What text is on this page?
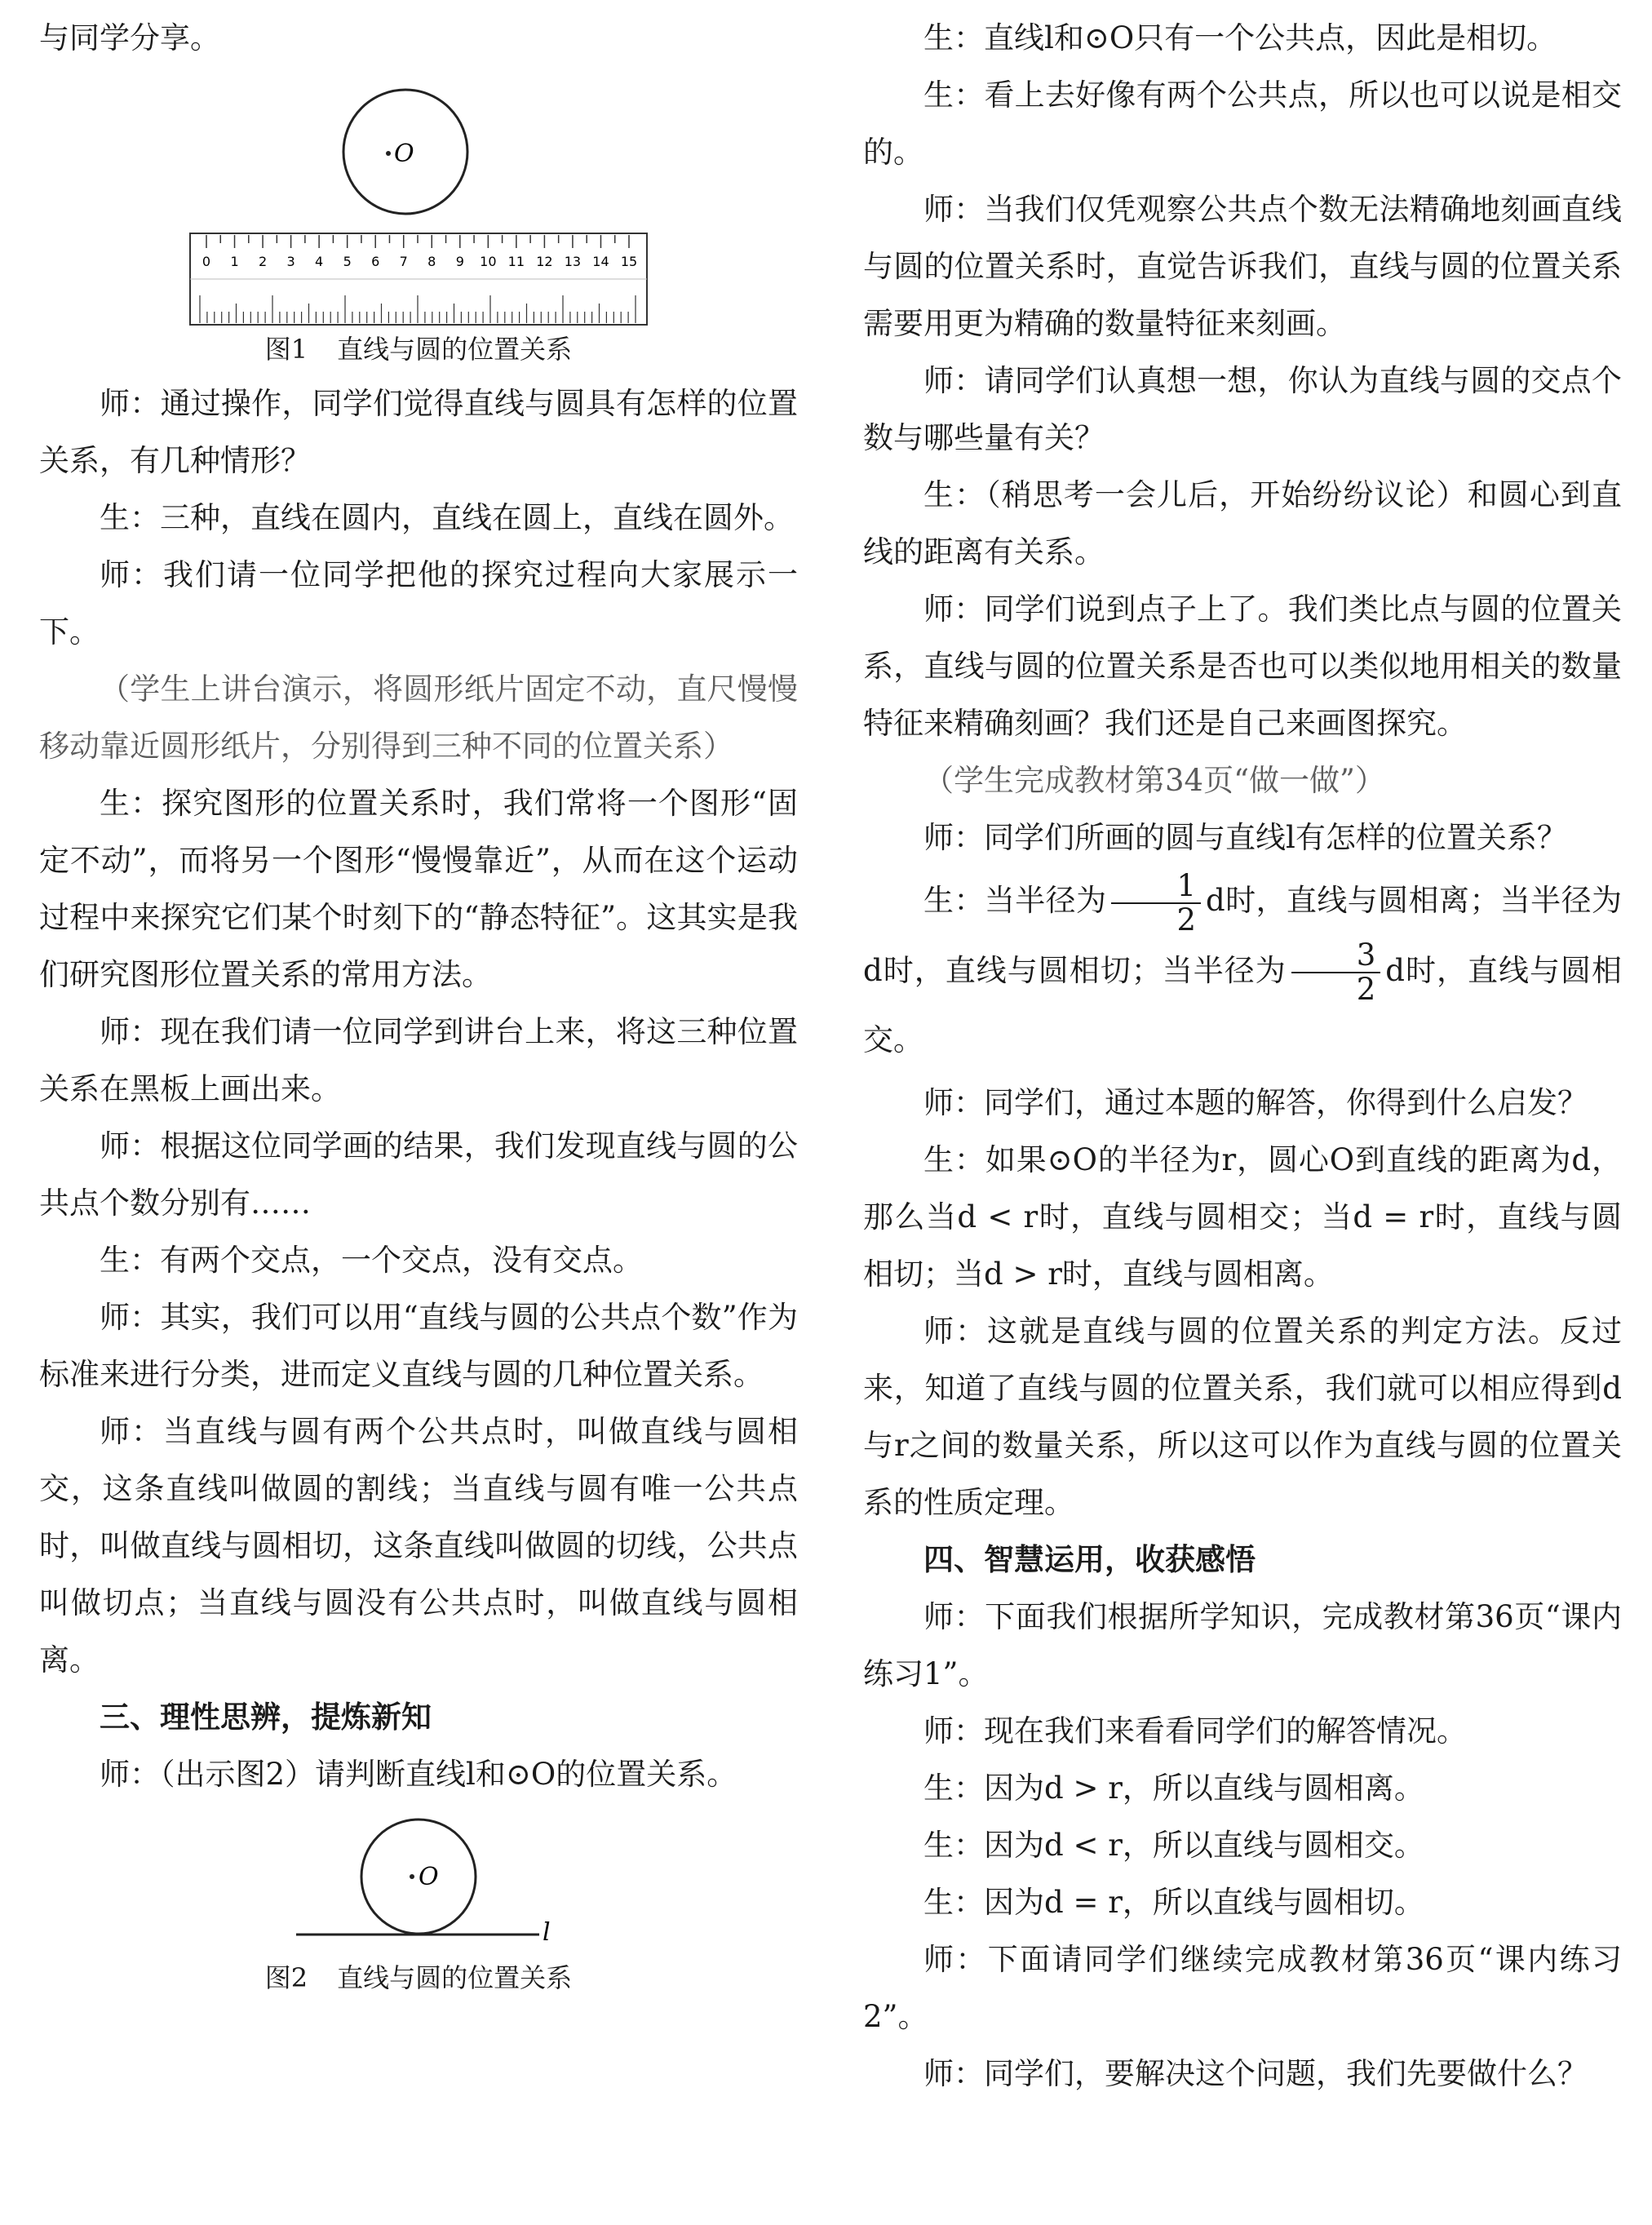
与同学分享。

O
0 1 2 3 4 5 6 7 8 9 10 11 12 13 14 15
图1 直线与圆的位置关系

师：通过操作，同学们觉得直线与圆具有怎样的位置关系，有几种情形？

生：三种，直线在圆内，直线在圆上，直线在圆外。

师：我们请一位同学把他的探究过程向大家展示一下。

（学生上讲台演示，将圆形纸片固定不动，直尺慢慢移动靠近圆形纸片，分别得到三种不同的位置关系）

生：探究图形的位置关系时，我们常将一个图形“固定不动”，而将另一个图形“慢慢靠近”，从而在这个运动过程中来探究它们某个时刻下的“静态特征”。这其实是我们研究图形位置关系的常用方法。

师：现在我们请一位同学到讲台上来，将这三种位置关系在黑板上画出来。

师：根据这位同学画的结果，我们发现直线与圆的公共点个数分别有……

生：有两个交点，一个交点，没有交点。

师：其实，我们可以用“直线与圆的公共点个数”作为标准来进行分类，进而定义直线与圆的几种位置关系。

师：当直线与圆有两个公共点时，叫做直线与圆相交，这条直线叫做圆的割线；当直线与圆有唯一公共点时，叫做直线与圆相切，这条直线叫做圆的切线，公共点叫做切点；当直线与圆没有公共点时，叫做直线与圆相离。

三、理性思辨，提炼新知

师：（出示图2）请判断直线l和⊙O的位置关系。

O
l
图2 直线与圆的位置关系

生：直线l和⊙O只有一个公共点，因此是相切。

生：看上去好像有两个公共点，所以也可以说是相交的。

师：当我们仅凭观察公共点个数无法精确地刻画直线与圆的位置关系时，直觉告诉我们，直线与圆的位置关系需要用更为精确的数量特征来刻画。

师：请同学们认真想一想，你认为直线与圆的交点个数与哪些量有关？

生：（稍思考一会儿后，开始纷纷议论）和圆心到直线的距离有关系。

师：同学们说到点子上了。我们类比点与圆的位置关系，直线与圆的位置关系是否也可以类似地用相关的数量特征来精确刻画？我们还是自己来画图探究。

（学生完成教材第34页“做一做”）

师：同学们所画的圆与直线l有怎样的位置关系？

生：当半径为 $\frac{1}{2}$ d时，直线与圆相离；当半径为d时，直线与圆相切；当半径为 $\frac{3}{2}$ d时，直线与圆相交。

师：同学们，通过本题的解答，你得到什么启发？

生：如果⊙O的半径为r，圆心O到直线的距离为d，那么当d < r时，直线与圆相交；当d = r时，直线与圆相切；当d > r时，直线与圆相离。

师：这就是直线与圆的位置关系的判定方法。反过来，知道了直线与圆的位置关系，我们就可以相应得到d与r之间的数量关系，所以这可以作为直线与圆的位置关系的性质定理。

四、智慧运用，收获感悟

师：下面我们根据所学知识，完成教材第36页“课内练习1”。

师：现在我们来看看同学们的解答情况。

生：因为d > r，所以直线与圆相离。

生：因为d < r，所以直线与圆相交。

生：因为d = r，所以直线与圆相切。

师：下面请同学们继续完成教材第36页“课内练习2”。

师：同学们，要解决这个问题，我们先要做什么？
